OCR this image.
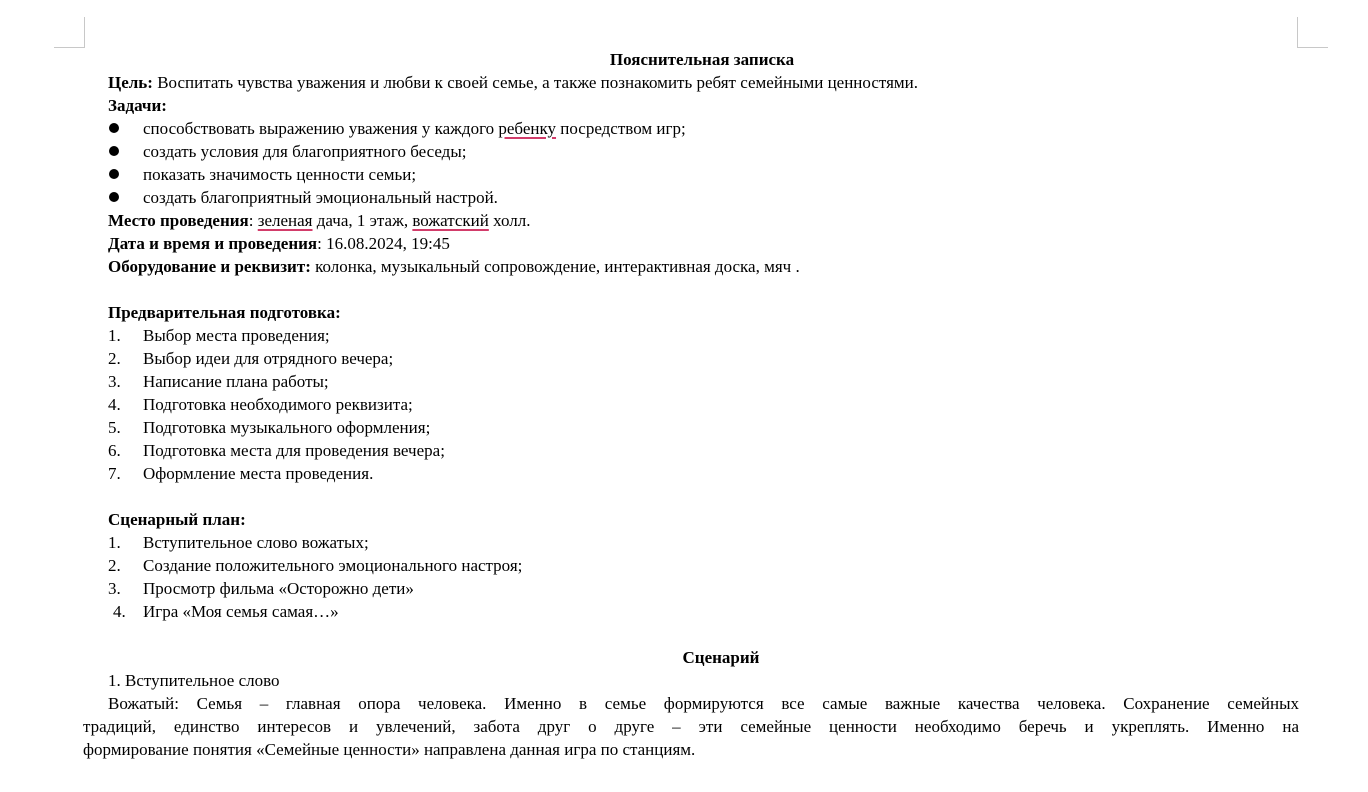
Пояснительная записка
Цель: Воспитать чувства уважения и любви к своей семье, а также познакомить ребят семейными ценностями.
Задачи:
способствовать выражению уважения у каждого ребенку посредством игр;
создать условия для благоприятного беседы;
показать значимость ценности семьи;
создать благоприятный эмоциональный настрой.
Место проведения: зеленая дача, 1 этаж, вожатский холл.
Дата и время и проведения: 16.08.2024, 19:45
Оборудование и реквизит: колонка, музыкальный сопровождение, интерактивная доска, мяч .
Предварительная подготовка:
1. Выбор места проведения;
2. Выбор идеи для отрядного вечера;
3. Написание плана работы;
4. Подготовка необходимого реквизита;
5. Подготовка музыкального оформления;
6. Подготовка места для проведения вечера;
7. Оформление места проведения.
Сценарный план:
1. Вступительное слово вожатых;
2. Создание положительного эмоционального настроя;
3. Просмотр фильма «Осторожно дети»
4. Игра «Моя семья самая…»
Сценарий
1. Вступительное слово
Вожатый: Семья – главная опора человека. Именно в семье формируются все самые важные качества человека. Сохранение семейных
традиций, единство интересов и увлечений, забота друг о друге – эти семейные ценности необходимо беречь и укреплять. Именно на
формирование понятия «Семейные ценности» направлена данная игра по станциям.
